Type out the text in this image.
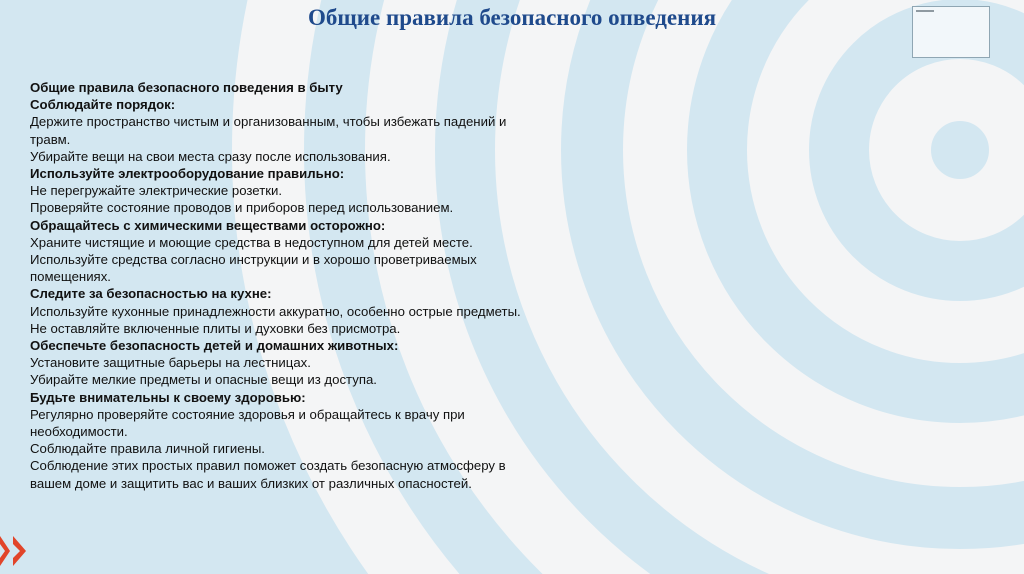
Общие правила безопасного опведения

Общие правила безопасного поведения в быту

Соблюдайте порядок:

Держите пространство чистым и организованным, чтобы избежать падений и травм.

Убирайте вещи на свои места сразу после использования.

Используйте электрооборудование правильно:

Не перегружайте электрические розетки.

Проверяйте состояние проводов и приборов перед использованием.

Обращайтесь с химическими веществами осторожно:

Храните чистящие и моющие средства в недоступном для детей месте.

Используйте средства согласно инструкции и в хорошо проветриваемых помещениях.

Следите за безопасностью на кухне:

Используйте кухонные принадлежности аккуратно, особенно острые предметы.

Не оставляйте включенные плиты и духовки без присмотра.

Обеспечьте безопасность детей и домашних животных:

Установите защитные барьеры на лестницах.

Убирайте мелкие предметы и опасные вещи из доступа.

Будьте внимательны к своему здоровью:

Регулярно проверяйте состояние здоровья и обращайтесь к врачу при необходимости.

Соблюдайте правила личной гигиены.

Соблюдение этих простых правил поможет создать безопасную атмосферу в вашем доме и защитить вас и ваших близких от различных опасностей.
